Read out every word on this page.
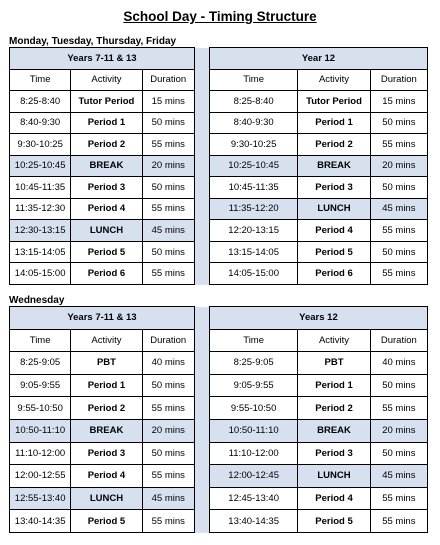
School Day - Timing Structure
Monday, Tuesday, Thursday, Friday
Years 7-11 & 13				Year 12		
Time	Activity	Duration		Time	Activity	Duration
8:25-8:40	Tutor Period	15 mins		8:25-8:40	Tutor Period	15 mins
8:40-9:30	Period 1	50 mins		8:40-9:30	Period 1	50 mins
9:30-10:25	Period 2	55 mins		9:30-10:25	Period 2	55 mins
10:25-10:45	BREAK	20 mins		10:25-10:45	BREAK	20 mins
10:45-11:35	Period 3	50 mins		10:45-11:35	Period 3	50 mins
11:35-12:30	Period 4	55 mins		11:35-12:20	LUNCH	45 mins
12:30-13:15	LUNCH	45 mins		12:20-13:15	Period 4	55 mins
13:15-14:05	Period 5	50 mins		13:15-14:05	Period 5	50 mins
14:05-15:00	Period 6	55 mins		14:05-15:00	Period 6	55 mins
Wednesday
Years 7-11 & 13				Years 12		
Time	Activity	Duration		Time	Activity	Duration
8:25-9:05	PBT	40 mins		8:25-9:05	PBT	40 mins
9:05-9:55	Period 1	50 mins		9:05-9:55	Period 1	50 mins
9:55-10:50	Period 2	55 mins		9:55-10:50	Period 2	55 mins
10:50-11:10	BREAK	20 mins		10:50-11:10	BREAK	20 mins
11:10-12:00	Period 3	50 mins		11:10-12:00	Period 3	50 mins
12:00-12:55	Period 4	55 mins		12:00-12:45	LUNCH	45 mins
12:55-13:40	LUNCH	45 mins		12:45-13:40	Period 4	55 mins
13:40-14:35	Period 5	55 mins		13:40-14:35	Period 5	55 mins
